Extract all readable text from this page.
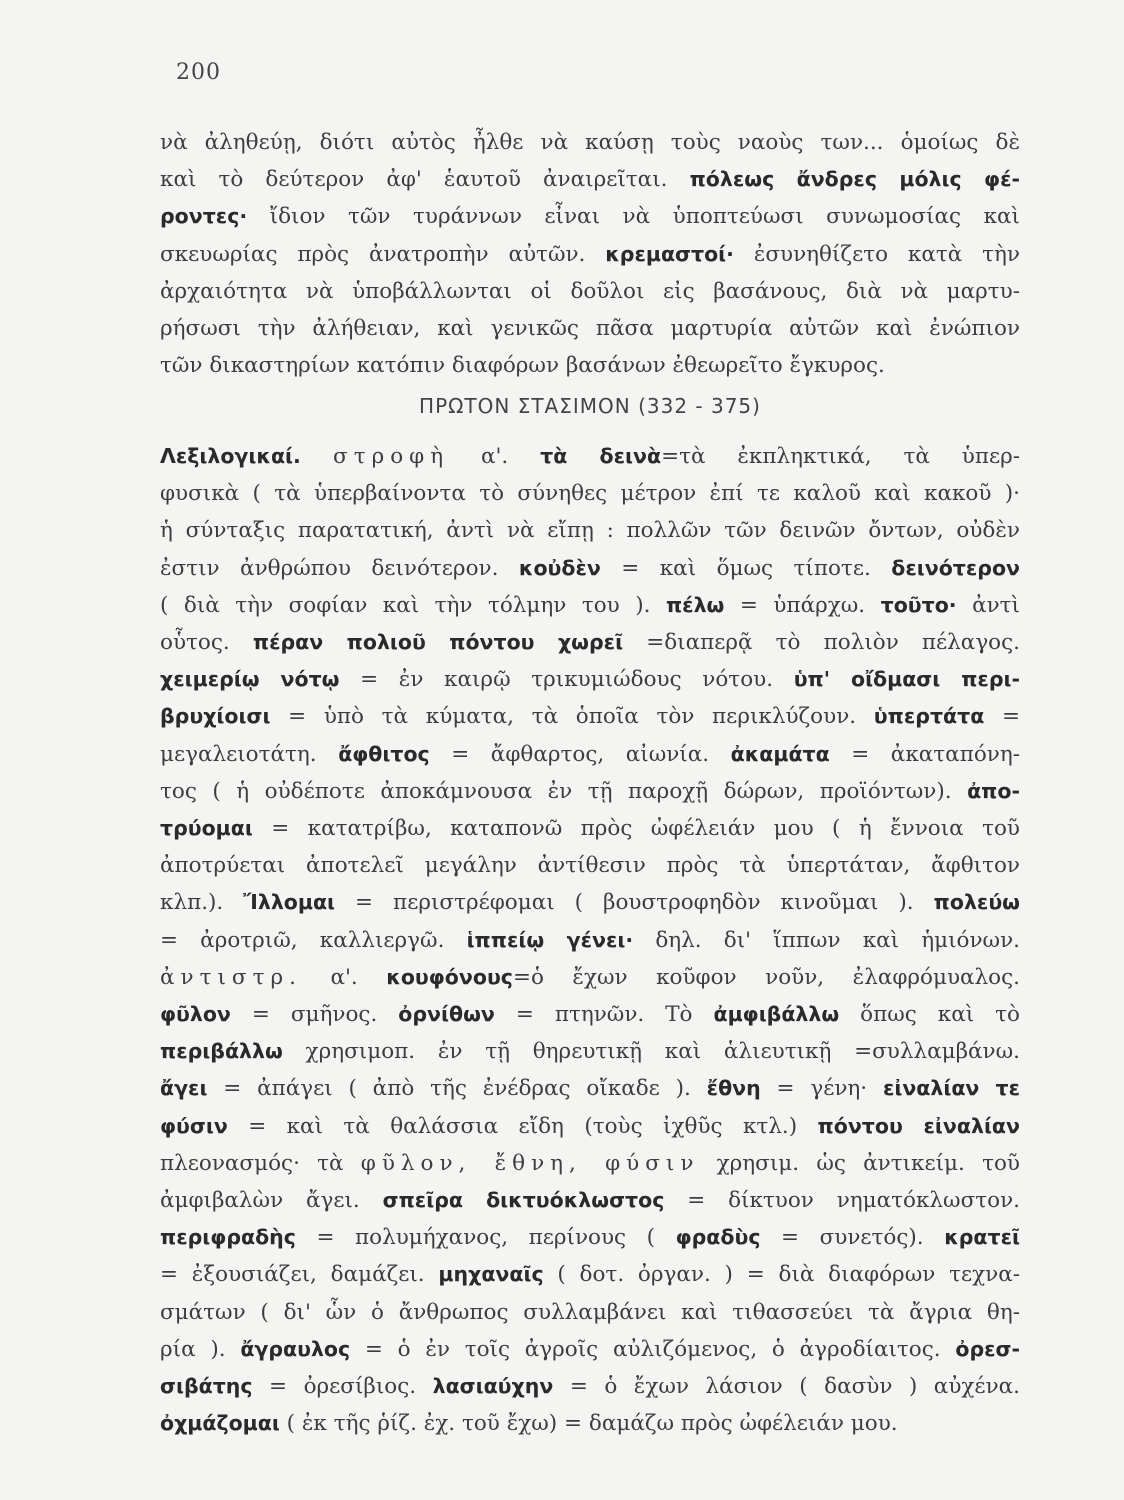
200
νὰ ἀληθεύῃ, διότι αὐτὸς ἦλθε νὰ καύσῃ τοὺς ναοὺς των... ὁμοίως δὲ
καὶ τὸ δεύτερον ἀφ' ἑαυτοῦ ἀναιρεῖται. πόλεως ἄνδρες μόλις φέ-
ροντες· ἴδιον τῶν τυράννων εἶναι νὰ ὑποπτεύωσι συνωμοσίας καὶ
σκευωρίας πρὸς ἀνατροπὴν αὐτῶν. κρεμαστοί· ἐσυνηθίζετο κατὰ τὴν
ἀρχαιότητα νὰ ὑποβάλλωνται οἱ δοῦλοι εἰς βασάνους, διὰ νὰ μαρτυ-
ρήσωσι τὴν ἀλήθειαν, καὶ γενικῶς πᾶσα μαρτυρία αὐτῶν καὶ ἐνώπιον
τῶν δικαστηρίων κατόπιν διαφόρων βασάνων ἐθεωρεῖτο ἔγκυρος.
ΠΡΩΤΟΝ ΣΤΑΣΙΜΟΝ (332 - 375)
Λεξιλογικαί. στροφὴ α'. τὰ δεινὰ=τὰ ἐκπληκτικά, τὰ ὑπερ-
φυσικὰ ( τὰ ὑπερβαίνοντα τὸ σύνηθες μέτρον ἐπί τε καλοῦ καὶ κακοῦ )·
ἡ σύνταξις παρατατική, ἀντὶ νὰ εἴπῃ : πολλῶν τῶν δεινῶν ὄντων, οὐδὲν
ἐστιν ἀνθρώπου δεινότερον. κοὐδὲν = καὶ ὅμως τίποτε. δεινότερον
( διὰ τὴν σοφίαν καὶ τὴν τόλμην του ). πέλω = ὑπάρχω. τοῦτο· ἀντὶ
οὗτος. πέραν πολιοῦ πόντου χωρεῖ =διαπερᾷ τὸ πολιὸν πέλαγος.
χειμερίῳ νότῳ = ἐν καιρῷ τρικυμιώδους νότου. ὑπ' οἴδμασι περι-
βρυχίοισι = ὑπὸ τὰ κύματα, τὰ ὁποῖα τὸν περικλύζουν. ὑπερτάτα =
μεγαλειοτάτη. ἄφθιτος = ἄφθαρτος, αἰωνία. ἀκαμάτα = ἀκαταπόνη-
τος ( ἡ οὐδέποτε ἀποκάμνουσα ἐν τῇ παροχῇ δώρων, προϊόντων). ἀπο-
τρύομαι = κατατρίβω, καταπονῶ πρὸς ὠφέλειάν μου ( ἡ ἔννοια τοῦ
ἀποτρύεται ἀποτελεῖ μεγάλην ἀντίθεσιν πρὸς τὰ ὑπερτάταν, ἄφθιτον
κλπ.). Ἴλλομαι = περιστρέφομαι ( βουστροφηδὸν κινοῦμαι ). πολεύω
= ἀροτριῶ, καλλιεργῶ. ἱππείῳ γένει· δηλ. δι' ἵππων καὶ ἡμιόνων.
ἀντιστρ. α'. κουφόνους=ὁ ἔχων κοῦφον νοῦν, ἐλαφρόμυαλος.
φῦλον = σμῆνος. ὀρνίθων = πτηνῶν. Τὸ ἀμφιβάλλω ὅπως καὶ τὸ
περιβάλλω χρησιμοπ. ἐν τῇ θηρευτικῇ καὶ ἁλιευτικῇ =συλλαμβάνω.
ἄγει = ἀπάγει ( ἀπὸ τῆς ἐνέδρας οἴκαδε ). ἔθνη = γένη· εἰναλίαν τε
φύσιν = καὶ τὰ θαλάσσια εἴδη (τοὺς ἰχθῦς κτλ.) πόντου εἰναλίαν
πλεονασμός· τὰ φῦλον, ἔθνη, φύσιν χρησιμ. ὡς ἀντικείμ. τοῦ
ἀμφιβαλὼν ἄγει. σπεῖρα δικτυόκλωστος = δίκτυον νηματόκλωστον.
περιφραδὴς = πολυμήχανος, περίνους ( φραδὺς = συνετός). κρατεῖ
= ἐξουσιάζει, δαμάζει. μηχαναῖς ( δοτ. ὀργαν. ) = διὰ διαφόρων τεχνα-
σμάτων ( δι' ὧν ὁ ἄνθρωπος συλλαμβάνει καὶ τιθασσεύει τὰ ἄγρια θη-
ρία ). ἄγραυλος = ὁ ἐν τοῖς ἀγροῖς αὐλιζόμενος, ὁ ἀγροδίαιτος. ὀρεσ-
σιβάτης = ὀρεσίβιος. λασιαύχην = ὁ ἔχων λάσιον ( δασὺν ) αὐχένα.
ὀχμάζομαι ( ἐκ τῆς ῥίζ. ἐχ. τοῦ ἔχω) = δαμάζω πρὸς ὠφέλειάν μου.
